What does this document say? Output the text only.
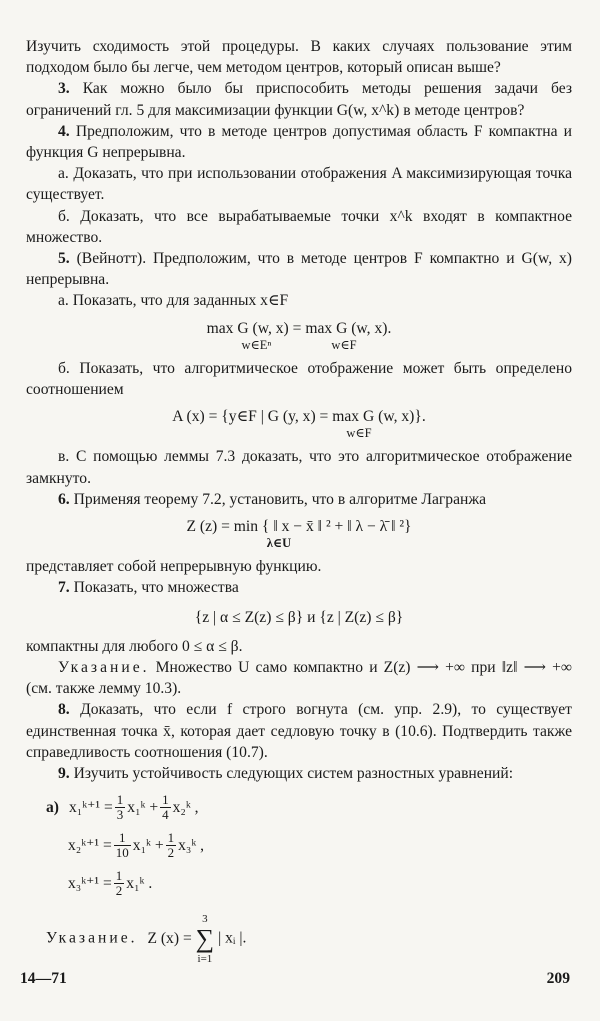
Изучить сходимость этой процедуры. В каких случаях пользование этим подходом было бы легче, чем методом центров, который описан выше?

3. Как можно было бы приспособить методы решения задачи без ограничений гл. 5 для максимизации функции G(w, x^k) в методе центров?

4. Предположим, что в методе центров допустимая область F компактна и функция G непрерывна.

а. Доказать, что при использовании отображения A максимизирующая точка существует.

б. Доказать, что все вырабатываемые точки x^k входят в компактное множество.

5. (Вейнотт). Предположим, что в методе центров F компактно и G(w, x) непрерывна.

а. Показать, что для заданных x∈F

max G (w, x) = max G (w, x).
w∈Eⁿ	w∈F

б. Показать, что алгоритмическое отображение может быть определено соотношением

A (x) = {y∈F | G (y, x) = max G (w, x)}.
w∈F

в. С помощью леммы 7.3 доказать, что это алгоритмическое отображение замкнуто.

6. Применяя теорему 7.2, установить, что в алгоритме Лагранжа

Z (z) = min { ‖ x − x̄ ‖ ² + ‖ λ − λ̄ ‖ ²}
λ∈U

представляет собой непрерывную функцию.

7. Показать, что множества

{z | α ≤ Z(z) ≤ β} и {z | Z(z) ≤ β}

компактны для любого 0 ≤ α ≤ β.

Указание. Множество U само компактно и Z(z) ⟶ +∞ при ‖z‖ ⟶ +∞ (см. также лемму 10.3).

8. Доказать, что если f строго вогнута (см. упр. 2.9), то существует единственная точка x̄, которая дает седловую точку в (10.6). Подтвердить также справедливость соотношения (10.7).

9. Изучить устойчивость следующих систем разностных уравнений:

а) x₁ᵏ⁺¹ = $\frac{1}{3}$ x₁ᵏ + $\frac{1}{4}$ x₂ᵏ ,
x₂ᵏ⁺¹ = $\frac{1}{10}$ x₁ᵏ + $\frac{1}{2}$ x₃ᵏ ,
x₃ᵏ⁺¹ = $\frac{1}{2}$ x₁ᵏ .
Указание. Z (x) =
3
∑
i=1
| xᵢ |.
14—71	209
